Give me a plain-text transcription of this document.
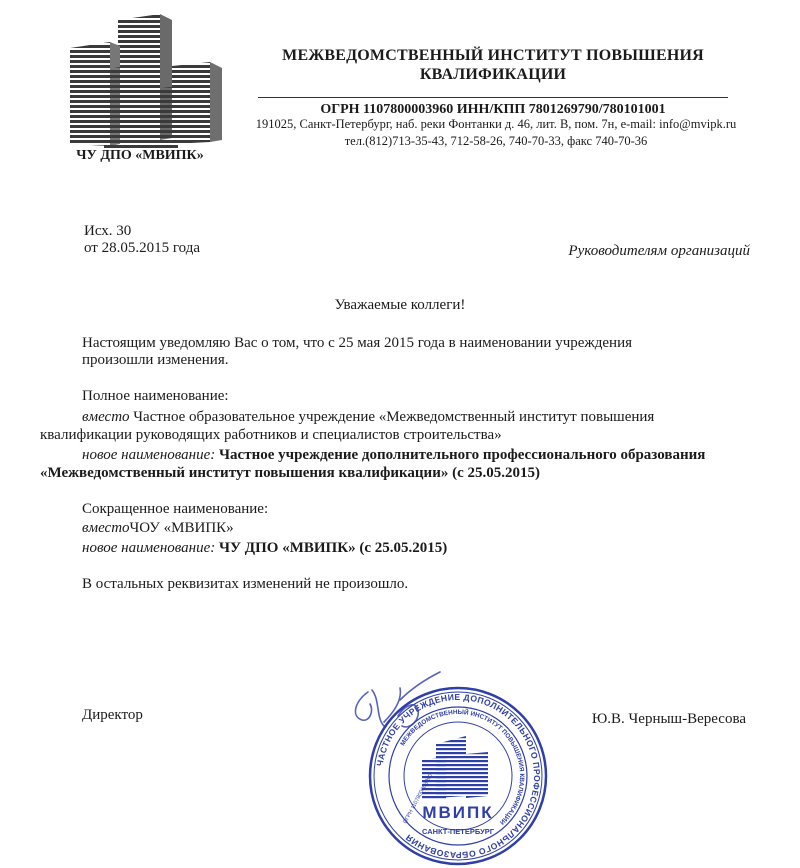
МЕЖВЕДОМСТВЕННЫЙ ИНСТИТУТ ПОВЫШЕНИЯ
КВАЛИФИКАЦИИ
ОГРН 1107800003960 ИНН/КПП 7801269790/780101001
191025, Санкт-Петербург, наб. реки Фонтанки д. 46, лит. В, пом. 7н, e-mail: info@mvipk.ru
тел.(812)713-35-43, 712-58-26, 740-70-33, факс 740-70-36
ЧУ ДПО «МВИПК»
Исх. 30
от 28.05.2015 года	Руководителям организаций
Уважаемые коллеги!
Настоящим уведомляю Вас о том, что с 25 мая 2015 года в наименовании учреждения
произошли изменения.
Полное наименование:
вместо Частное образовательное учреждение «Межведомственный институт повышения
квалификации руководящих работников и специалистов строительства»
новое наименование: Частное учреждение дополнительного профессионального образования
«Межведомственный институт повышения квалификации» (с 25.05.2015)
Сокращенное наименование:
вместоЧОУ «МВИПК»
новое наименование: ЧУ ДПО «МВИПК» (с 25.05.2015)
В остальных реквизитах изменений не произошло.
Директор	Ю.В. Черныш-Вересова
ЧАСТНОЕ УЧРЕЖДЕНИЕ ДОПОЛНИТЕЛЬНОГО ПРОФЕССИОНАЛЬНОГО ОБРАЗОВАНИЯ
МЕЖВЕДОМСТВЕННЫЙ ИНСТИТУТ ПОВЫШЕНИЯ КВАЛИФИКАЦИИ
МВИПК
САНКТ-ПЕТЕРБУРГ
ОГРН 1107800003960
